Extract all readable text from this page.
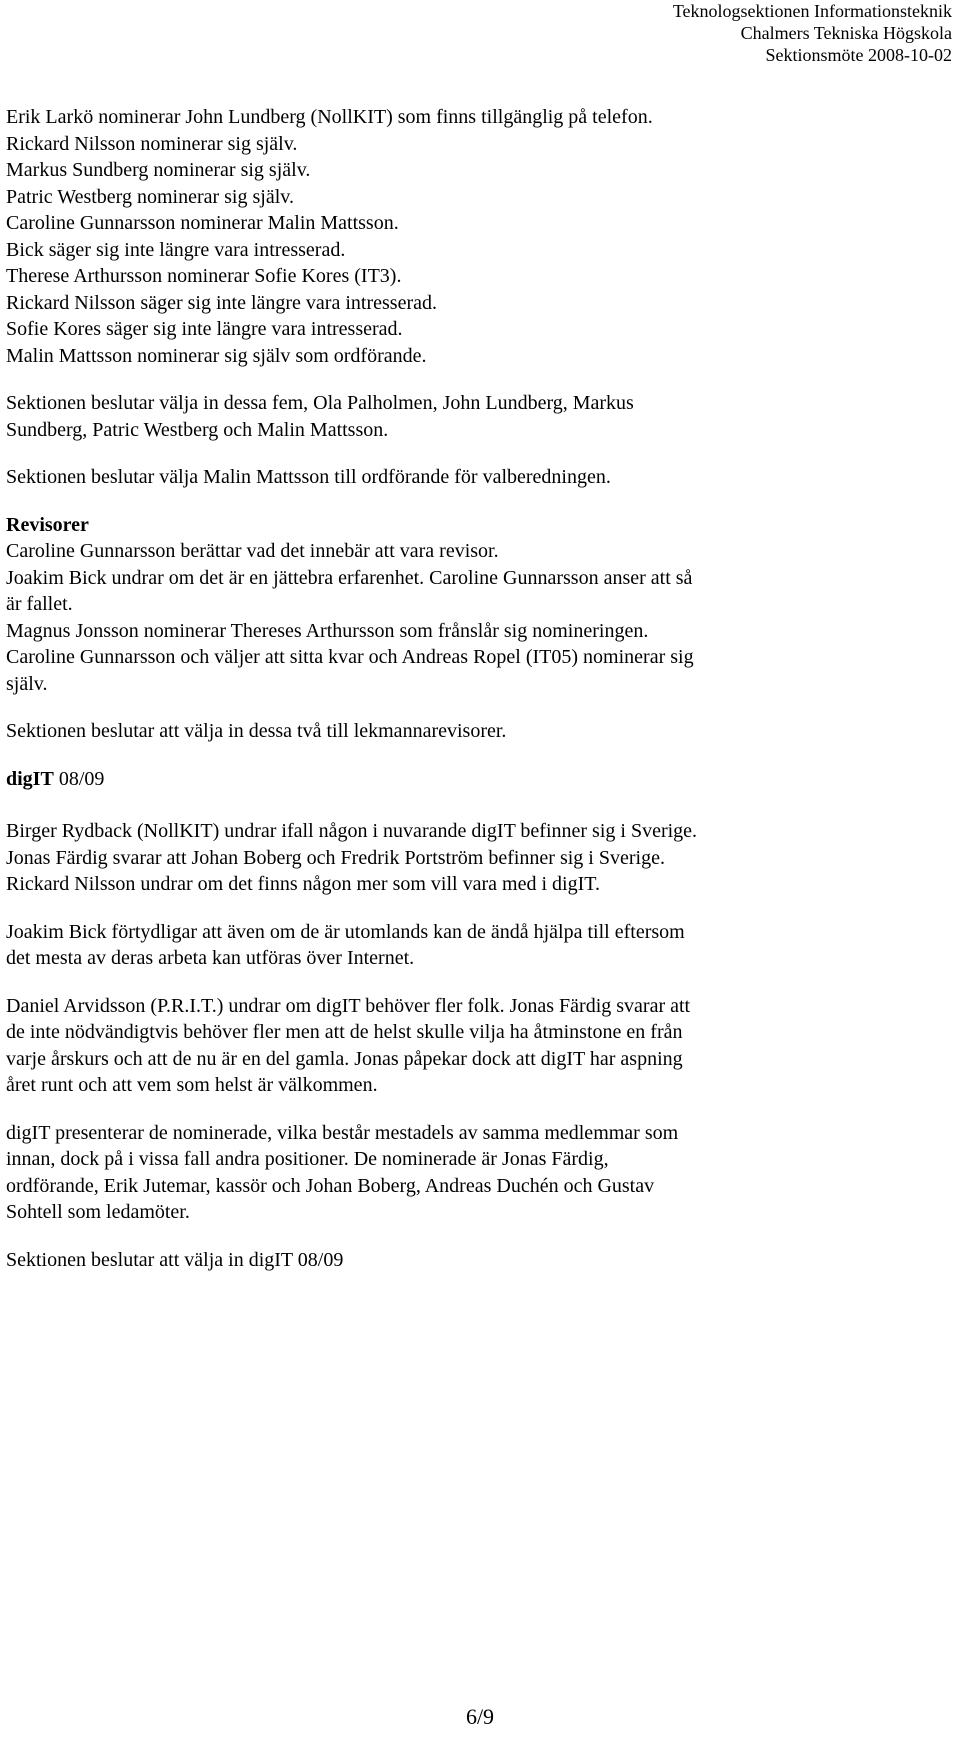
Teknologsektionen Informationsteknik
Chalmers Tekniska Högskola
Sektionsmöte 2008-10-02
Erik Larkö nominerar John Lundberg (NollKIT) som finns tillgänglig på telefon.
Rickard Nilsson nominerar sig själv.
Markus Sundberg nominerar sig själv.
Patric Westberg nominerar sig själv.
Caroline Gunnarsson nominerar Malin Mattsson.
Bick säger sig inte längre vara intresserad.
Therese Arthursson nominerar Sofie Kores (IT3).
Rickard Nilsson säger sig inte längre vara intresserad.
Sofie Kores säger sig inte längre vara intresserad.
Malin Mattsson nominerar sig själv som ordförande.
Sektionen beslutar välja in dessa fem, Ola Palholmen, John Lundberg, Markus
Sundberg, Patric Westberg och Malin Mattsson.
Sektionen beslutar välja Malin Mattsson till ordförande för valberedningen.
Revisorer
Caroline Gunnarsson berättar vad det innebär att vara revisor.
Joakim Bick undrar om det är en jättebra erfarenhet. Caroline Gunnarsson anser att så
är fallet.
Magnus Jonsson nominerar Thereses Arthursson som frånslår sig nomineringen.
Caroline Gunnarsson och väljer att sitta kvar och Andreas Ropel (IT05) nominerar sig
själv.
Sektionen beslutar att välja in dessa två till lekmannarevisorer.
digIT 08/09
Birger Rydback (NollKIT) undrar ifall någon i nuvarande digIT befinner sig i Sverige.
Jonas Färdig svarar att Johan Boberg och Fredrik Portström befinner sig i Sverige.
Rickard Nilsson undrar om det finns någon mer som vill vara med i digIT.
Joakim Bick förtydligar att även om de är utomlands kan de ändå hjälpa till eftersom
det mesta av deras arbeta kan utföras över Internet.
Daniel Arvidsson (P.R.I.T.) undrar om digIT behöver fler folk. Jonas Färdig svarar att
de inte nödvändigtvis behöver fler men att de helst skulle vilja ha åtminstone en från
varje årskurs och att de nu är en del gamla. Jonas påpekar dock att digIT har aspning
året runt och att vem som helst är välkommen.
digIT presenterar de nominerade, vilka består mestadels av samma medlemmar som
innan, dock på i vissa fall andra positioner. De nominerade är Jonas Färdig,
ordförande, Erik Jutemar, kassör och Johan Boberg, Andreas Duchén och Gustav
Sohtell som ledamöter.
Sektionen beslutar att välja in digIT 08/09
6/9
